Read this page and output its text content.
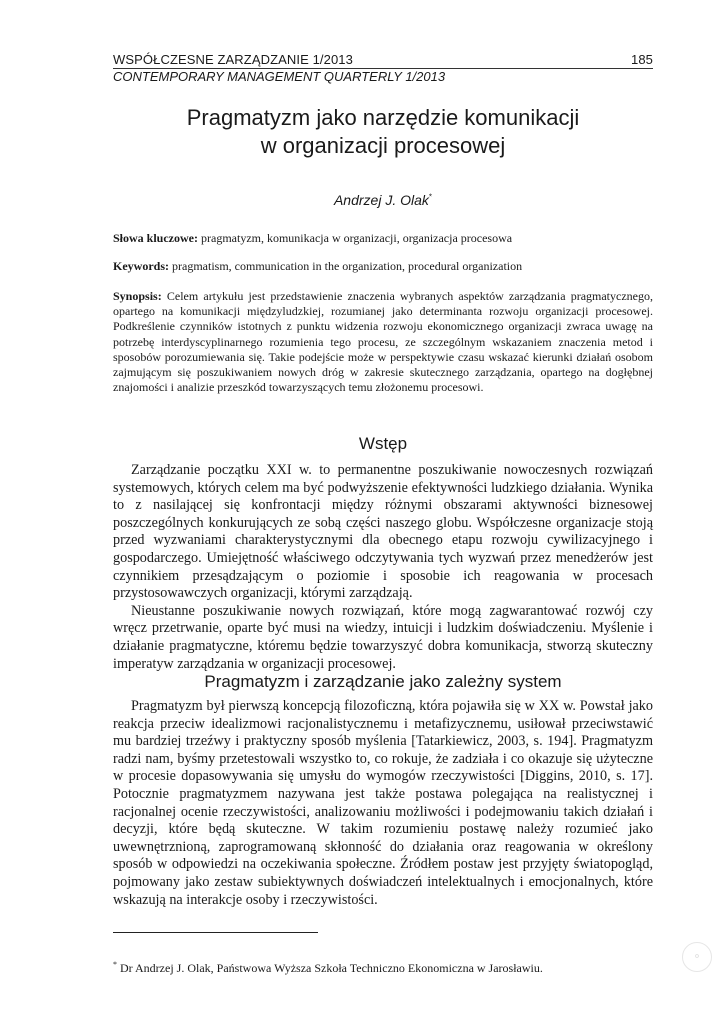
WSPÓŁCZESNE ZARZĄDZANIE 1/2013	185
CONTEMPORARY MANAGEMENT QUARTERLY 1/2013
Pragmatyzm jako narzędzie komunikacji
w organizacji procesowej
Andrzej J. Olak*
Słowa kluczowe: pragmatyzm, komunikacja w organizacji, organizacja procesowa
Keywords: pragmatism, communication in the organization, procedural organization
Synopsis: Celem artykułu jest przedstawienie znaczenia wybranych aspektów zarządzania pragmatycznego, opartego na komunikacji międzyludzkiej, rozumianej jako determinanta rozwoju organizacji procesowej. Podkreślenie czynników istotnych z punktu widzenia rozwoju ekonomicznego organizacji zwraca uwagę na potrzebę interdyscyplinarnego rozumienia tego procesu, ze szczególnym wskazaniem znaczenia metod i sposobów porozumiewania się. Takie podejście może w perspektywie czasu wskazać kierunki działań osobom zajmującym się poszukiwaniem nowych dróg w zakresie skutecznego zarządzania, opartego na dogłębnej znajomości i analizie przeszkód towarzyszących temu złożonemu procesowi.
Wstęp

Zarządzanie początku XXI w. to permanentne poszukiwanie nowoczesnych rozwiązań systemowych, których celem ma być podwyższenie efektywności ludzkiego działania. Wynika to z nasilającej się konfrontacji między różnymi obszarami aktywności biznesowej poszczególnych konkurujących ze sobą części naszego globu. Współczesne organizacje stoją przed wyzwaniami charakterystycznymi dla obecnego etapu rozwoju cywilizacyjnego i gospodarczego. Umiejętność właściwego odczytywania tych wyzwań przez menedżerów jest czynnikiem przesądzającym o poziomie i sposobie ich reagowania w procesach przystosowawczych organizacji, którymi zarządzają.

Nieustanne poszukiwanie nowych rozwiązań, które mogą zagwarantować rozwój czy wręcz przetrwanie, oparte być musi na wiedzy, intuicji i ludzkim doświadczeniu. Myślenie i działanie pragmatyczne, któremu będzie towarzyszyć dobra komunikacja, stworzą skuteczny imperatyw zarządzania w organizacji procesowej.

Pragmatyzm i zarządzanie jako zależny system

Pragmatyzm był pierwszą koncepcją filozoficzną, która pojawiła się w XX w. Powstał jako reakcja przeciw idealizmowi racjonalistycznemu i metafizycznemu, usiłował przeciwstawić mu bardziej trzeźwy i praktyczny sposób myślenia [Tatarkiewicz, 2003, s. 194]. Pragmatyzm radzi nam, byśmy przetestowali wszystko to, co rokuje, że zadziała i co okazuje się użyteczne w procesie dopasowywania się umysłu do wymogów rzeczywistości [Diggins, 2010, s. 17]. Potocznie pragmatyzmem nazywana jest także postawa polegająca na realistycznej i racjonalnej ocenie rzeczywistości, analizowaniu możliwości i podejmowaniu takich działań i decyzji, które będą skuteczne. W takim rozumieniu postawę należy rozumieć jako uwewnętrznioną, zaprogramowaną skłonność do działania oraz reagowania w określony sposób w odpowiedzi na oczekiwania społeczne. Źródłem postaw jest przyjęty światopogląd, pojmowany jako zestaw subiektywnych doświadczeń intelektualnych i emocjonalnych, które wskazują na interakcje osoby i rzeczywistości.

* Dr Andrzej J. Olak, Państwowa Wyższa Szkoła Techniczno Ekonomiczna w Jarosławiu.
⚬
